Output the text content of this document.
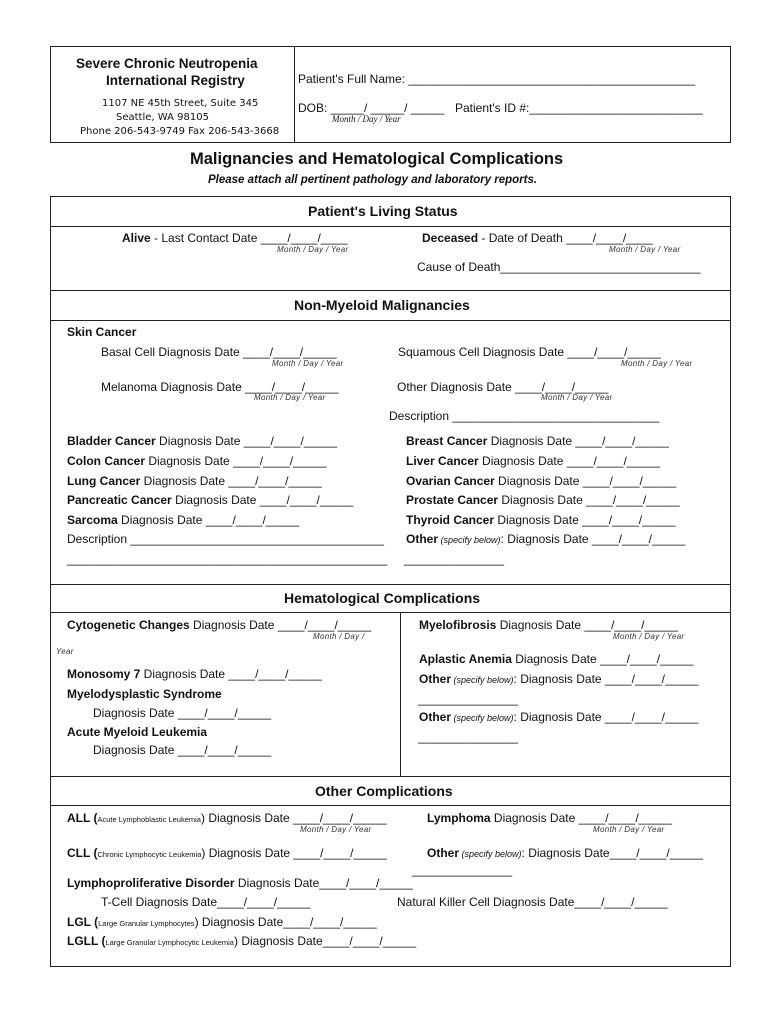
Severe Chronic Neutropenia
International Registry
1107 NE 45th Street, Suite 345
Seattle, WA 98105
Phone 206-543-9749 Fax 206-543-3668
Patient's Full Name: ___________________________________________
DOB: _____/ _____/ _____
Month / Day / Year
Patient's ID #:__________________________
Malignancies and Hematological Complications
Please attach all pertinent pathology and laboratory reports.
Patient's Living Status
Alive - Last Contact Date ____/____/____
Month / Day / Year
Deceased - Date of Death ____/____/____
Month / Day / Year
Cause of Death______________________________
Non-Myeloid Malignancies
Skin Cancer
Basal Cell Diagnosis Date ____/____/_____
Month / Day / Year
Squamous Cell Diagnosis Date ____/____/_____
Month / Day / Year
Melanoma Diagnosis Date ____/____/_____
Month / Day / Year
Other Diagnosis Date ____/____/_____
Month / Day / Year
Description _______________________________
Bladder Cancer Diagnosis Date ____/____/_____
Colon Cancer Diagnosis Date ____/____/_____
Lung Cancer Diagnosis Date ____/____/_____
Pancreatic Cancer Diagnosis Date ____/____/_____
Sarcoma Diagnosis Date ____/____/_____
Description ______________________________________
________________________________________________
Breast Cancer Diagnosis Date ____/____/_____
Liver Cancer Diagnosis Date ____/____/_____
Ovarian Cancer Diagnosis Date ____/____/_____
Prostate Cancer Diagnosis Date ____/____/_____
Thyroid Cancer Diagnosis Date ____/____/_____
Other (specify below): Diagnosis Date ____/____/_____
_______________
Hematological Complications
Cytogenetic Changes Diagnosis Date ____/____/_____
Month / Day /
Year
Monosomy 7 Diagnosis Date ____/____/_____
Myelodysplastic Syndrome
Diagnosis Date ____/____/_____
Acute Myeloid Leukemia
Diagnosis Date ____/____/_____
Myelofibrosis Diagnosis Date ____/____/_____
Month / Day / Year
Aplastic Anemia Diagnosis Date ____/____/_____
Other (specify below): Diagnosis Date ____/____/_____
_______________
Other (specify below): Diagnosis Date ____/____/_____
_______________
Other Complications
ALL (Acute Lymphoblastic Leukemia) Diagnosis Date ____/____/_____
Month / Day / Year
Lymphoma Diagnosis Date ____/____/_____
Month / Day / Year
CLL (Chronic Lymphocytic Leukemia) Diagnosis Date ____/____/_____	Other (specify below): Diagnosis Date____/____/_____
_______________
Lymphoproliferative Disorder Diagnosis Date____/____/_____
T-Cell Diagnosis Date____/____/_____	Natural Killer Cell Diagnosis Date____/____/_____
LGL (Large Granular Lymphocytes) Diagnosis Date____/____/_____
LGLL (Large Granular Lymphocytic Leukemia) Diagnosis Date____/____/_____
